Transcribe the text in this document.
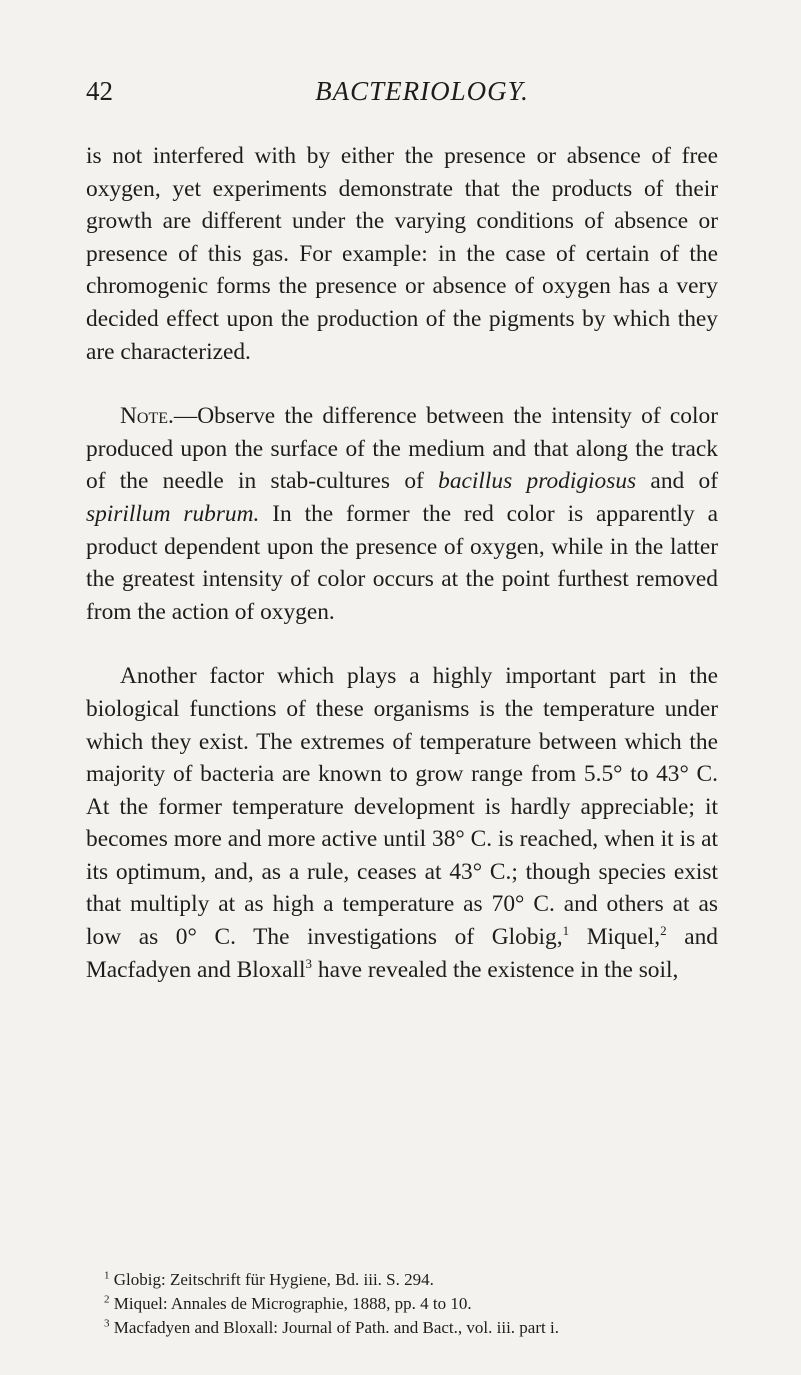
42	BACTERIOLOGY.

is not interfered with by either the presence or absence of free oxygen, yet experiments demonstrate that the products of their growth are different under the varying conditions of absence or presence of this gas. For example: in the case of certain of the chromogenic forms the presence or absence of oxygen has a very decided effect upon the production of the pigments by which they are characterized.

Note.—Observe the difference between the intensity of color produced upon the surface of the medium and that along the track of the needle in stab-cultures of bacillus prodigiosus and of spirillum rubrum. In the former the red color is apparently a product dependent upon the presence of oxygen, while in the latter the greatest intensity of color occurs at the point furthest removed from the action of oxygen.

Another factor which plays a highly important part in the biological functions of these organisms is the temperature under which they exist. The extremes of temperature between which the majority of bacteria are known to grow range from 5.5° to 43° C. At the former temperature development is hardly appreciable; it becomes more and more active until 38° C. is reached, when it is at its optimum, and, as a rule, ceases at 43° C.; though species exist that multiply at as high a temperature as 70° C. and others at as low as 0° C. The investigations of Globig,$^1$ Miquel,$^2$ and Macfadyen and Bloxall$^3$ have revealed the existence in the soil,

$^1$ Globig: Zeitschrift für Hygiene, Bd. iii. S. 294.

$^2$ Miquel: Annales de Micrographie, 1888, pp. 4 to 10.

$^3$ Macfadyen and Bloxall: Journal of Path. and Bact., vol. iii. part i.
